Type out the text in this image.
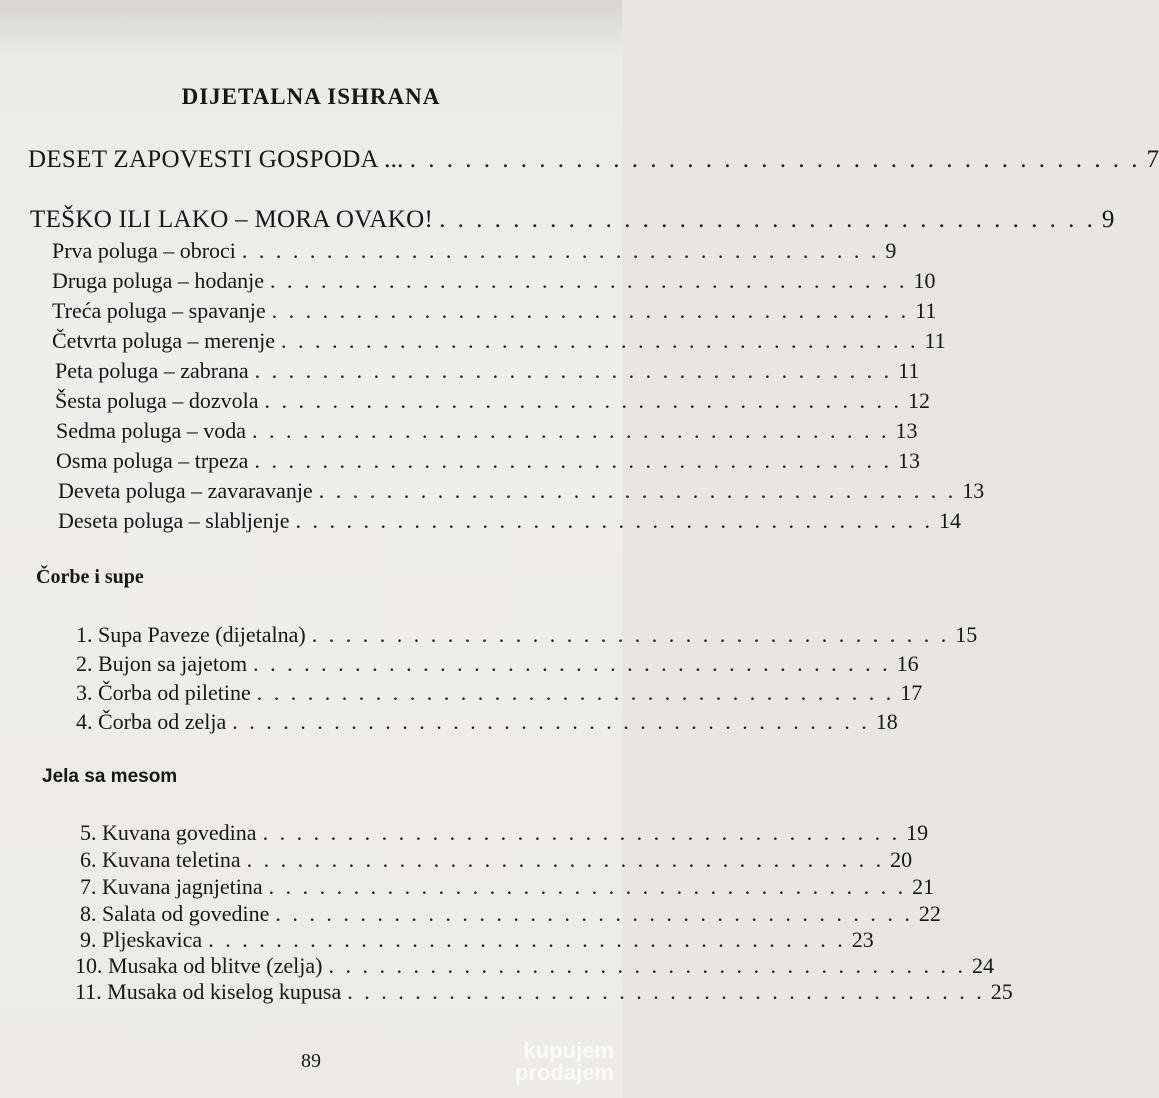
DIJETALNA ISHRANA
DESET ZAPOVESTI GOSPODA ... . . . . . . . . . . . . . . . . . . . . . . . . . . . . . . . . . . . . . . . . 7
TEŠKO ILI LAKO – MORA OVAKO! . . . . . . . . . . . . . . . . . . . . . . . . . . . . . . . . . . . . 9
Prva poluga – obroci . . . . . . . . . . . . . . . . . . . . . . . . . . . . . . . . . . . . . . 9
Druga poluga – hodanje . . . . . . . . . . . . . . . . . . . . . . . . . . . . . . . . . . . . . . 10
Treća poluga – spavanje . . . . . . . . . . . . . . . . . . . . . . . . . . . . . . . . . . . . . . 11
Četvrta poluga – merenje . . . . . . . . . . . . . . . . . . . . . . . . . . . . . . . . . . . . . . 11
Peta poluga – zabrana . . . . . . . . . . . . . . . . . . . . . . . . . . . . . . . . . . . . . . 11
Šesta poluga – dozvola . . . . . . . . . . . . . . . . . . . . . . . . . . . . . . . . . . . . . . 12
Sedma poluga – voda . . . . . . . . . . . . . . . . . . . . . . . . . . . . . . . . . . . . . . 13
Osma poluga – trpeza . . . . . . . . . . . . . . . . . . . . . . . . . . . . . . . . . . . . . . 13
Deveta poluga – zavaravanje . . . . . . . . . . . . . . . . . . . . . . . . . . . . . . . . . . . . . . 13
Deseta poluga – slabljenje . . . . . . . . . . . . . . . . . . . . . . . . . . . . . . . . . . . . . . 14
Čorbe i supe
1. Supa Paveze (dijetalna) . . . . . . . . . . . . . . . . . . . . . . . . . . . . . . . . . . . . . . 15
2. Bujon sa jajetom . . . . . . . . . . . . . . . . . . . . . . . . . . . . . . . . . . . . . . 16
3. Čorba od piletine . . . . . . . . . . . . . . . . . . . . . . . . . . . . . . . . . . . . . . 17
4. Čorba od zelja . . . . . . . . . . . . . . . . . . . . . . . . . . . . . . . . . . . . . . 18
Jela sa mesom
5. Kuvana govedina . . . . . . . . . . . . . . . . . . . . . . . . . . . . . . . . . . . . . . 19
6. Kuvana teletina . . . . . . . . . . . . . . . . . . . . . . . . . . . . . . . . . . . . . . 20
7. Kuvana jagnjetina . . . . . . . . . . . . . . . . . . . . . . . . . . . . . . . . . . . . . . 21
8. Salata od govedine . . . . . . . . . . . . . . . . . . . . . . . . . . . . . . . . . . . . . . 22
9. Pljeskavica . . . . . . . . . . . . . . . . . . . . . . . . . . . . . . . . . . . . . . 23
10. Musaka od blitve (zelja) . . . . . . . . . . . . . . . . . . . . . . . . . . . . . . . . . . . . . . 24
11. Musaka od kiselog kupusa . . . . . . . . . . . . . . . . . . . . . . . . . . . . . . . . . . . . . . 25
89	kupujem
prodajem
